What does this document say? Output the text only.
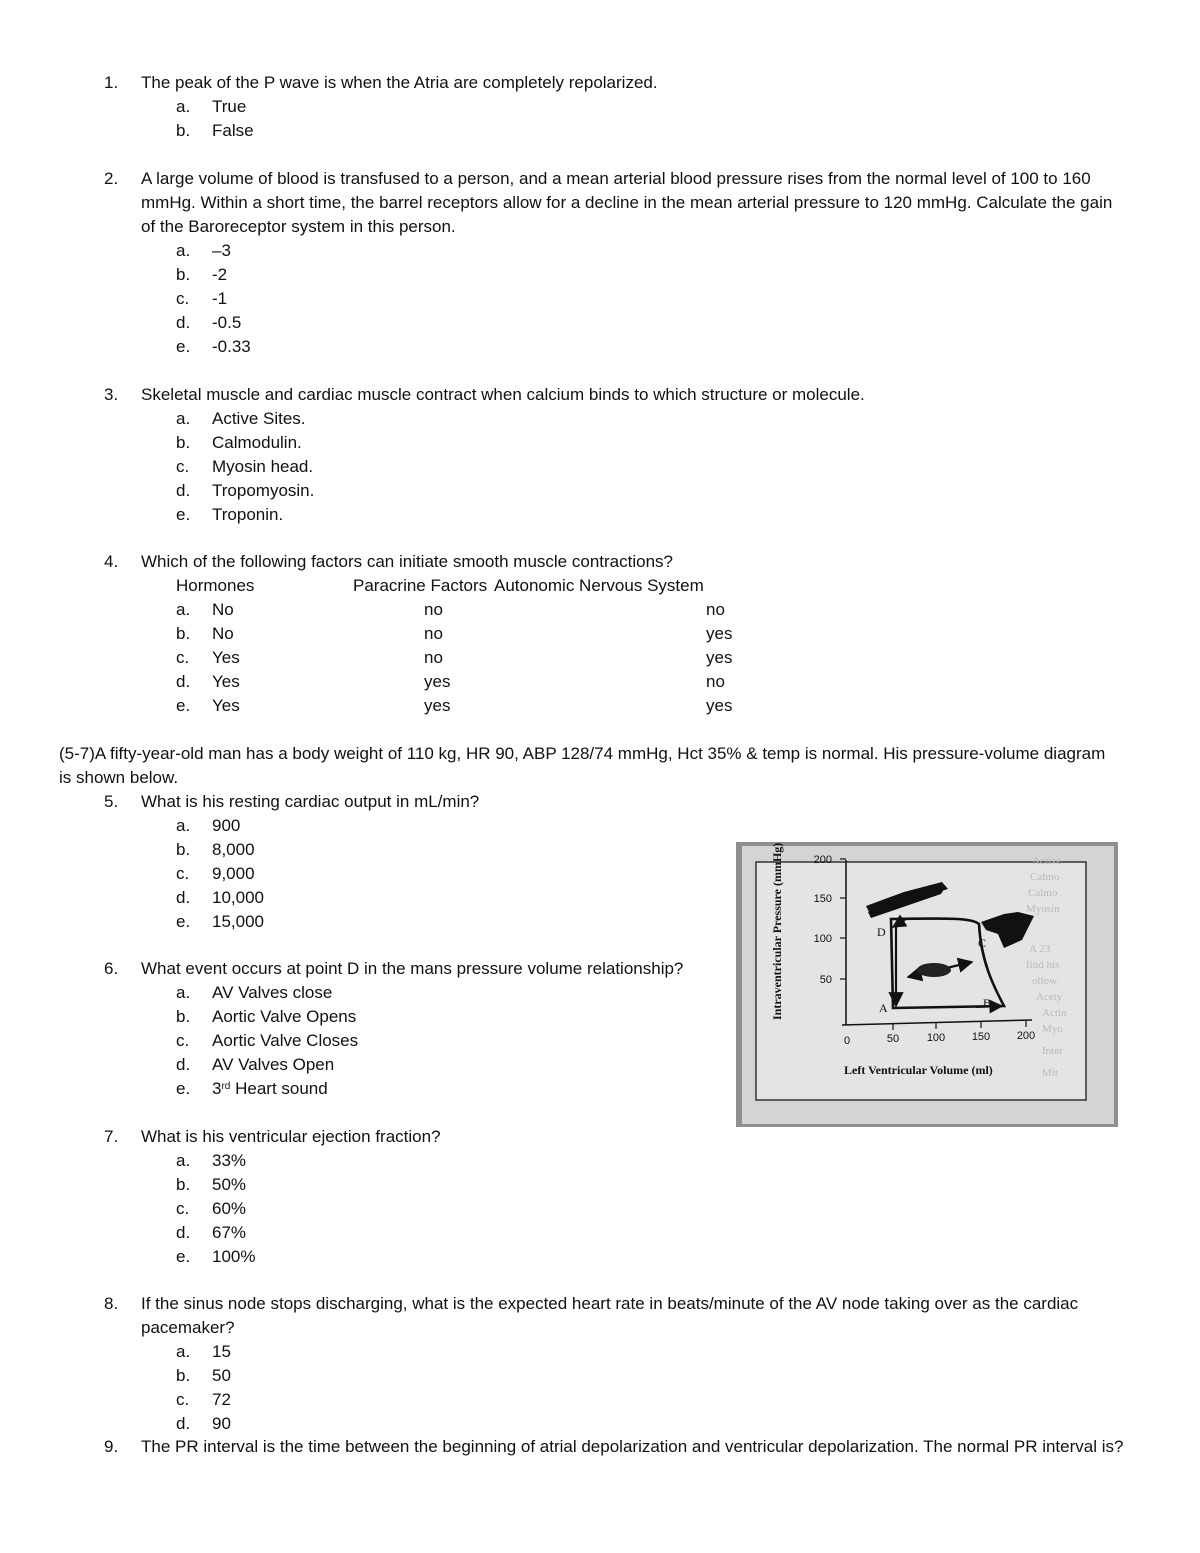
1.	The peak of the P wave is when the Atria are completely repolarized.
a. True
b. False
2.	A large volume of blood is transfused to a person, and a mean arterial blood pressure rises from the normal level of 100 to 160 mmHg. Within a short time, the barrel receptors allow for a decline in the mean arterial pressure to 120 mmHg. Calculate the gain of the Baroreceptor system in this person.
a. –3
b. -2
c. -1
d. -0.5
e. -0.33
3.	Skeletal muscle and cardiac muscle contract when calcium binds to which structure or molecule.
a. Active Sites.
b. Calmodulin.
c. Myosin head.
d. Tropomyosin.
e. Troponin.
4.	Which of the following factors can initiate smooth muscle contractions?
Hormones	Paracrine Factors Autonomic Nervous System
a. No	no	no
b. No	no	yes
c. Yes	no	yes
d. Yes	yes	no
e. Yes	yes	yes
(5-7)A fifty-year-old man has a body weight of 110 kg, HR 90, ABP 128/74 mmHg, Hct 35% & temp is normal. His pressure-volume diagram is shown below.
5.	What is his resting cardiac output in mL/min?
a. 900
b. 8,000
c. 9,000
d. 10,000
e. 15,000
6.	What event occurs at point D in the mans pressure volume relationship?
a. AV Valves close
b. Aortic Valve Opens
c. Aortic Valve Closes
d. AV Valves Open
e. 3rd Heart sound
7.	What is his ventricular ejection fraction?
a. 33%
b. 50%
c. 60%
d. 67%
e. 100%
8.	If the sinus node stops discharging, what is the expected heart rate in beats/minute of the AV node taking over as the cardiac pacemaker?
a. 15
b. 50
c. 72
d. 90
9.	The PR interval is the time between the beginning of atrial depolarization and ventricular depolarization. The normal PR interval is?
Active
Calmo
Calmo
Myosin
A 23
find his
ollow
Acety
Actin
Myo
Inter
Mit
Intraventricular Pressure (mmHg)	200
150
100
50
0	50	100 150 200
Left Ventricular Volume (ml)
D
C
A	B
